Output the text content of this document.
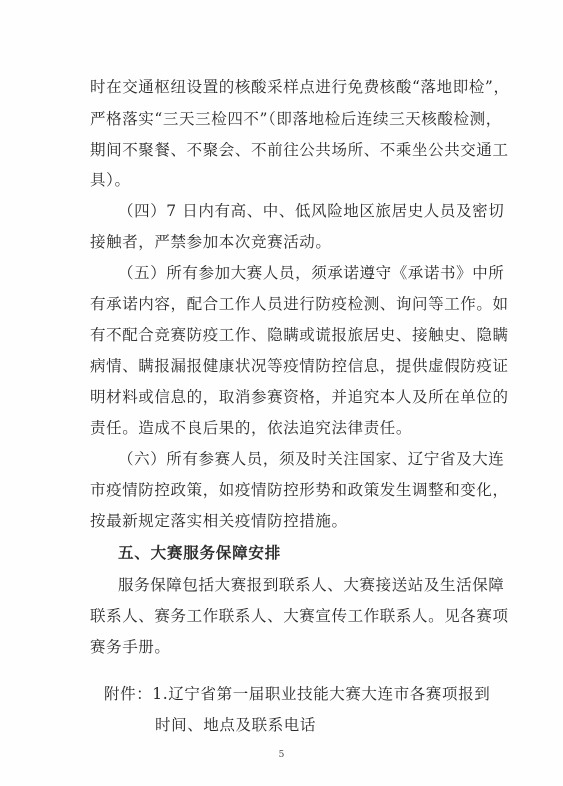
时在交通枢纽设置的核酸采样点进行免费核酸“落地即检”，
严格落实“三天三检四不”（即落地检后连续三天核酸检测，
期间不聚餐、不聚会、不前往公共场所、不乘坐公共交通工
具）。
（四）7 日内有高、中、低风险地区旅居史人员及密切
接触者，严禁参加本次竞赛活动。
（五）所有参加大赛人员，须承诺遵守《承诺书》中所
有承诺内容，配合工作人员进行防疫检测、询问等工作。如
有不配合竞赛防疫工作、隐瞒或谎报旅居史、接触史、隐瞒
病情、瞒报漏报健康状况等疫情防控信息，提供虚假防疫证
明材料或信息的，取消参赛资格，并追究本人及所在单位的
责任。造成不良后果的，依法追究法律责任。
（六）所有参赛人员，须及时关注国家、辽宁省及大连
市疫情防控政策，如疫情防控形势和政策发生调整和变化，
按最新规定落实相关疫情防控措施。
五、大赛服务保障安排
服务保障包括大赛报到联系人、大赛接送站及生活保障
联系人、赛务工作联系人、大赛宣传工作联系人。见各赛项
赛务手册。
附件：1.辽宁省第一届职业技能大赛大连市各赛项报到
时间、地点及联系电话
5
